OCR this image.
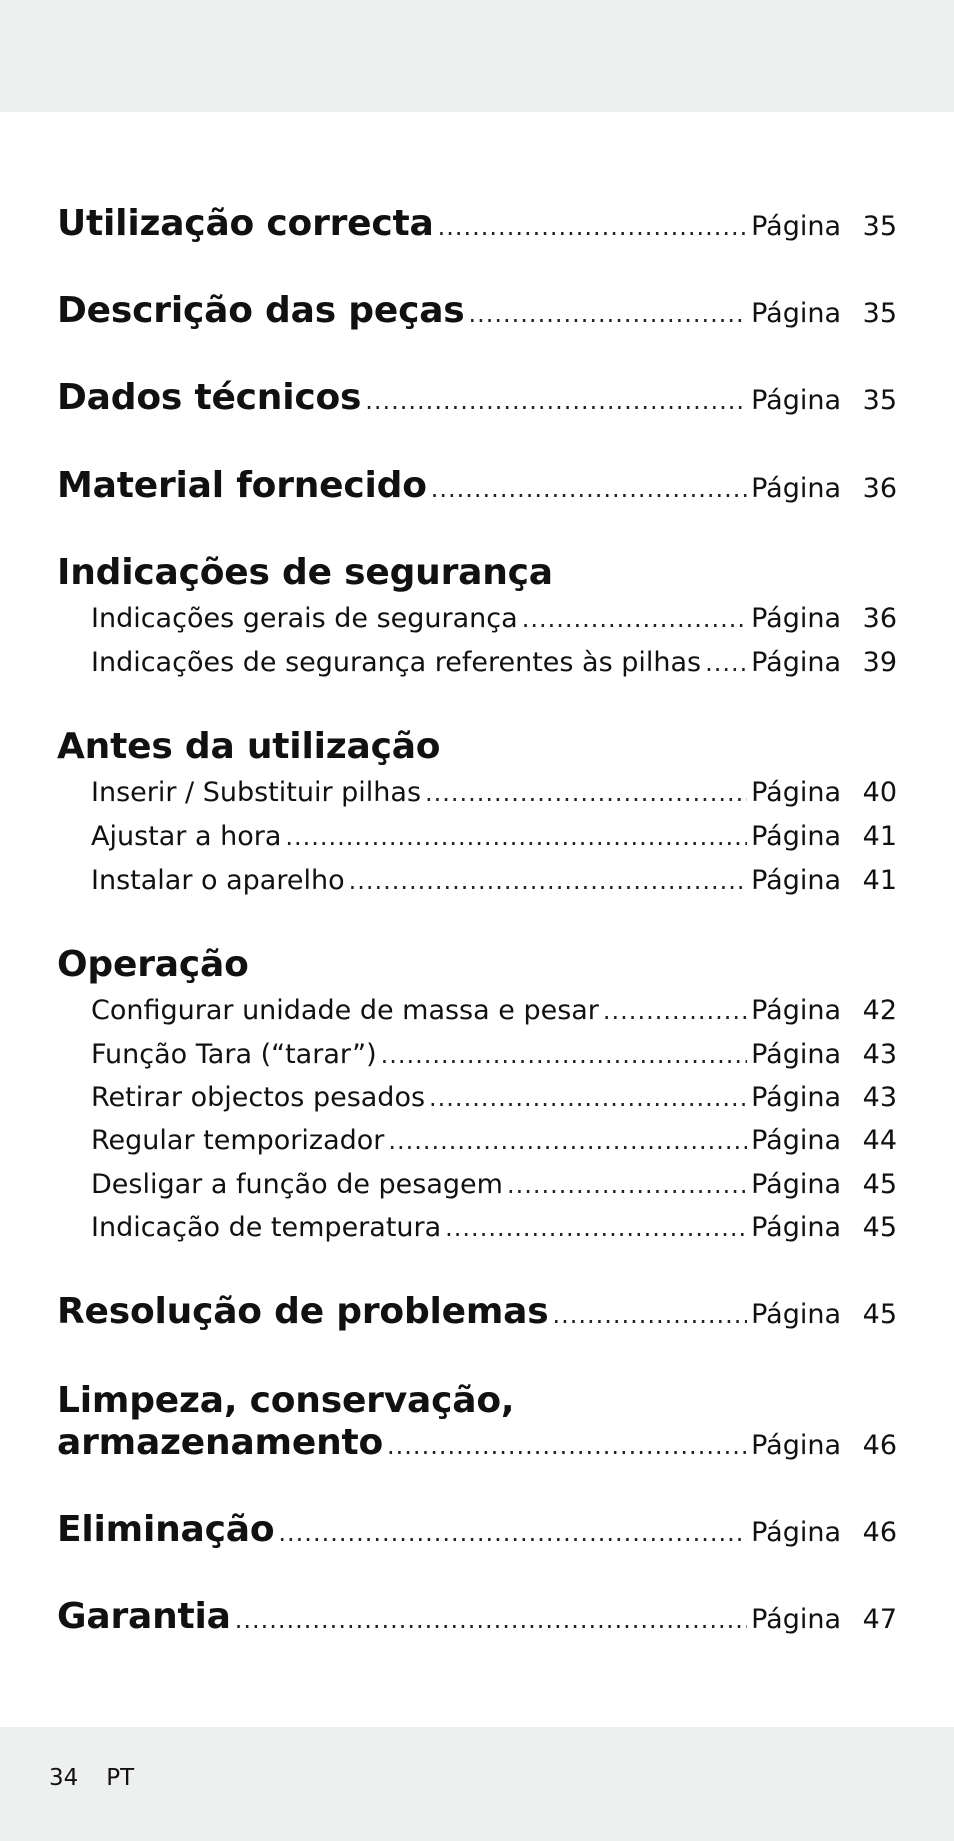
Utilização correcta .....	Página 35
Descrição das peças .....	Página 35
Dados técnicos .....	Página 35
Material fornecido .....	Página 36
Indicações de segurança
Indicações gerais de segurança .....	Página 36
Indicações de segurança referentes às pilhas ..... Página 39
Antes da utilização
Inserir / Substituir pilhas .....	Página 40
Ajustar a hora .....	Página 41
Instalar o aparelho .....	Página 41
Operação
Configurar unidade de massa e pesar .....	Página 42
Função Tara (“tarar”) .....	Página 43
Retirar objectos pesados .....	Página 43
Regular temporizador .....	Página 44
Desligar a função de pesagem .....	Página 45
Indicação de temperatura .....	Página 45
Resolução de problemas .....	Página 45
Limpeza, conservação,
armazenamento .....	Página 46
Eliminação .....	Página 46
Garantia .....	Página 47
34 PT
